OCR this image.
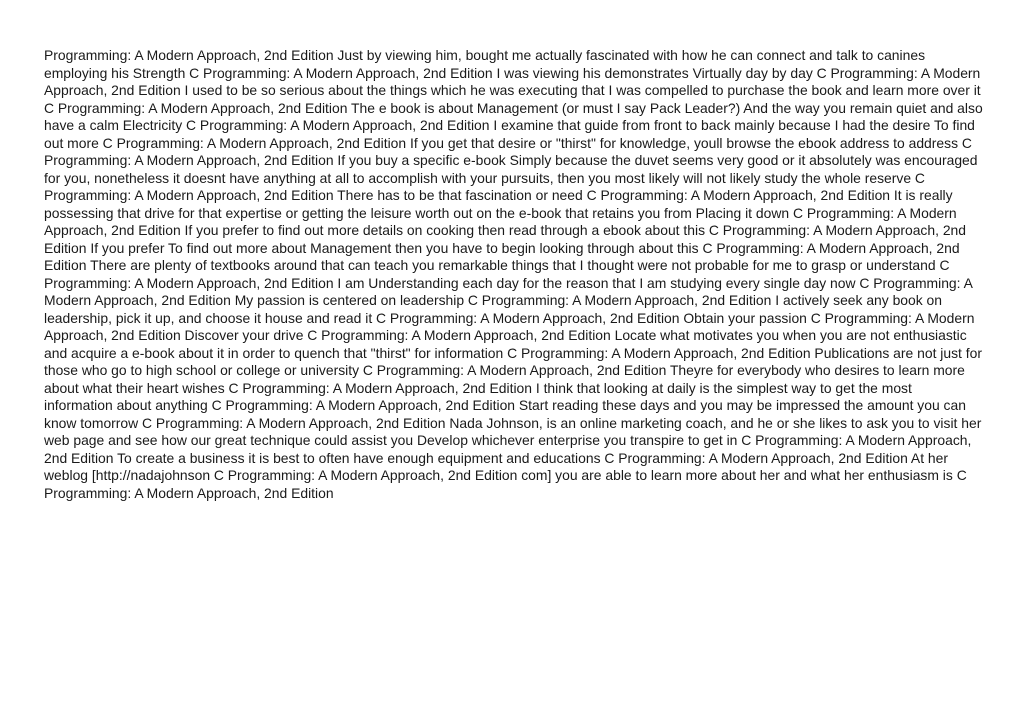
Programming: A Modern Approach, 2nd Edition Just by viewing him, bought me actually fascinated with how he can connect and talk to canines employing his Strength C Programming: A Modern Approach, 2nd Edition I was viewing his demonstrates Virtually day by day C Programming: A Modern Approach, 2nd Edition I used to be so serious about the things which he was executing that I was compelled to purchase the book and learn more over it C Programming: A Modern Approach, 2nd Edition The e book is about Management (or must I say Pack Leader?) And the way you remain quiet and also have a calm Electricity C Programming: A Modern Approach, 2nd Edition I examine that guide from front to back mainly because I had the desire To find out more C Programming: A Modern Approach, 2nd Edition If you get that desire or "thirst" for knowledge, youll browse the ebook address to address C Programming: A Modern Approach, 2nd Edition If you buy a specific e-book Simply because the duvet seems very good or it absolutely was encouraged for you, nonetheless it doesnt have anything at all to accomplish with your pursuits, then you most likely will not likely study the whole reserve C Programming: A Modern Approach, 2nd Edition There has to be that fascination or need C Programming: A Modern Approach, 2nd Edition It is really possessing that drive for that expertise or getting the leisure worth out on the e-book that retains you from Placing it down C Programming: A Modern Approach, 2nd Edition If you prefer to find out more details on cooking then read through a ebook about this C Programming: A Modern Approach, 2nd Edition If you prefer To find out more about Management then you have to begin looking through about this C Programming: A Modern Approach, 2nd Edition There are plenty of textbooks around that can teach you remarkable things that I thought were not probable for me to grasp or understand C Programming: A Modern Approach, 2nd Edition I am Understanding each day for the reason that I am studying every single day now C Programming: A Modern Approach, 2nd Edition My passion is centered on leadership C Programming: A Modern Approach, 2nd Edition I actively seek any book on leadership, pick it up, and choose it house and read it C Programming: A Modern Approach, 2nd Edition Obtain your passion C Programming: A Modern Approach, 2nd Edition Discover your drive C Programming: A Modern Approach, 2nd Edition Locate what motivates you when you are not enthusiastic and acquire a e-book about it in order to quench that "thirst" for information C Programming: A Modern Approach, 2nd Edition Publications are not just for those who go to high school or college or university C Programming: A Modern Approach, 2nd Edition Theyre for everybody who desires to learn more about what their heart wishes C Programming: A Modern Approach, 2nd Edition I think that looking at daily is the simplest way to get the most information about anything C Programming: A Modern Approach, 2nd Edition Start reading these days and you may be impressed the amount you can know tomorrow C Programming: A Modern Approach, 2nd Edition Nada Johnson, is an online marketing coach, and he or she likes to ask you to visit her web page and see how our great technique could assist you Develop whichever enterprise you transpire to get in C Programming: A Modern Approach, 2nd Edition To create a business it is best to often have enough equipment and educations C Programming: A Modern Approach, 2nd Edition At her weblog [http://nadajohnson C Programming: A Modern Approach, 2nd Edition com] you are able to learn more about her and what her enthusiasm is C Programming: A Modern Approach, 2nd Edition
